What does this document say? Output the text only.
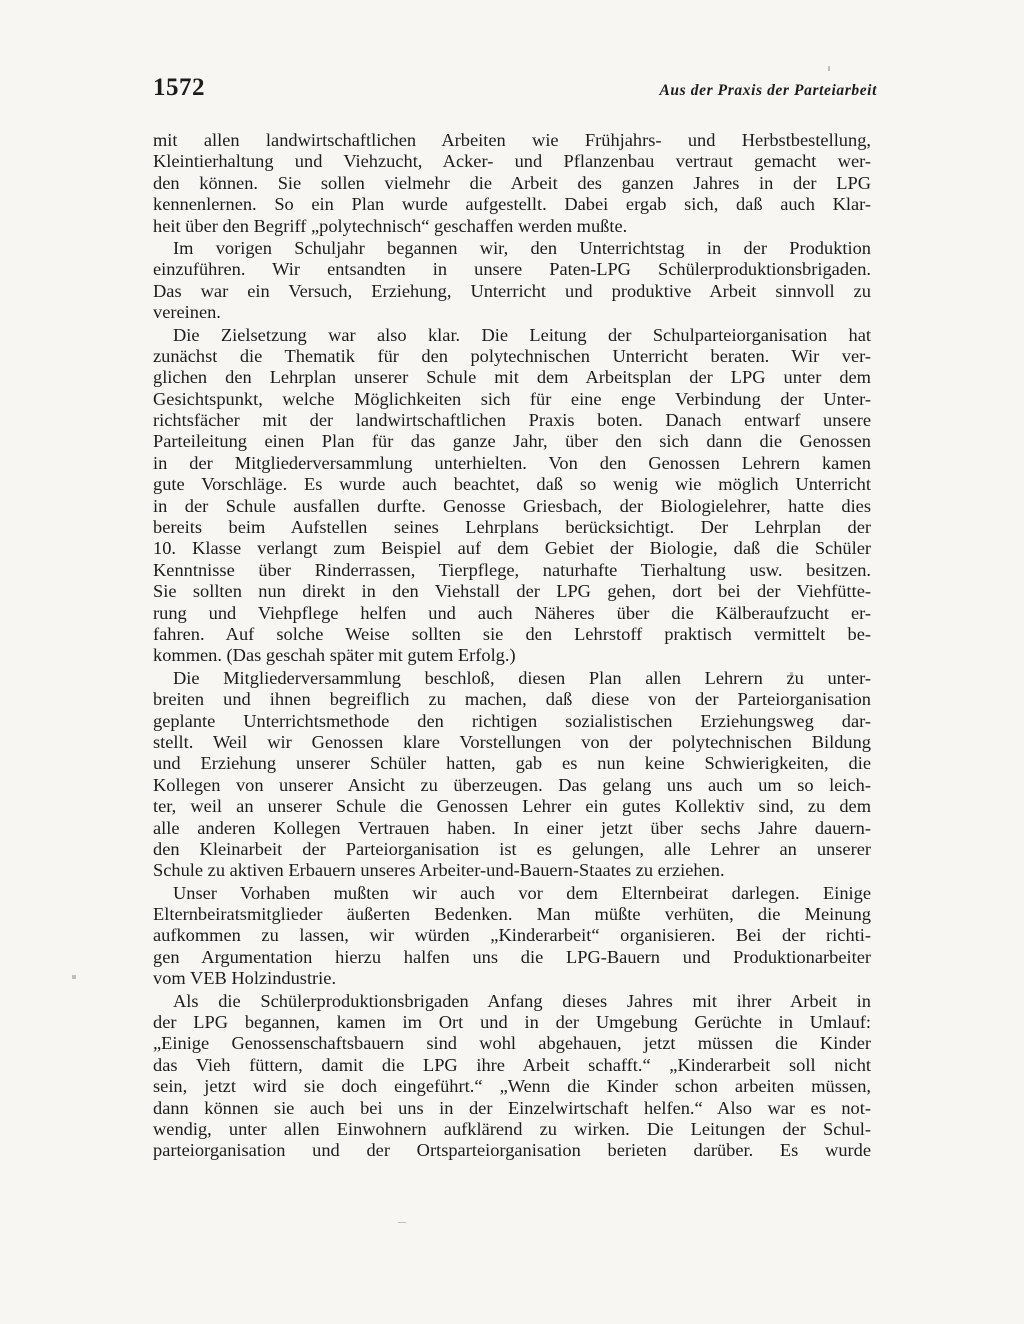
1572	Aus der Praxis der Parteiarbeit
mit allen landwirtschaftlichen Arbeiten wie Frühjahrs- und Herbstbestellung,
Kleintierhaltung und Viehzucht, Acker- und Pflanzenbau vertraut gemacht wer-
den können. Sie sollen vielmehr die Arbeit des ganzen Jahres in der LPG
kennenlernen. So ein Plan wurde aufgestellt. Dabei ergab sich, daß auch Klar-
heit über den Begriff „polytechnisch“ geschaffen werden mußte.
Im vorigen Schuljahr begannen wir, den Unterrichtstag in der Produktion
einzuführen. Wir entsandten in unsere Paten-LPG Schülerproduktionsbrigaden.
Das war ein Versuch, Erziehung, Unterricht und produktive Arbeit sinnvoll zu
vereinen.
Die Zielsetzung war also klar. Die Leitung der Schulparteiorganisation hat
zunächst die Thematik für den polytechnischen Unterricht beraten. Wir ver-
glichen den Lehrplan unserer Schule mit dem Arbeitsplan der LPG unter dem
Gesichtspunkt, welche Möglichkeiten sich für eine enge Verbindung der Unter-
richtsfächer mit der landwirtschaftlichen Praxis boten. Danach entwarf unsere
Parteileitung einen Plan für das ganze Jahr, über den sich dann die Genossen
in der Mitgliederversammlung unterhielten. Von den Genossen Lehrern kamen
gute Vorschläge. Es wurde auch beachtet, daß so wenig wie möglich Unterricht
in der Schule ausfallen durfte. Genosse Griesbach, der Biologielehrer, hatte dies
bereits beim Aufstellen seines Lehrplans berücksichtigt. Der Lehrplan der
10. Klasse verlangt zum Beispiel auf dem Gebiet der Biologie, daß die Schüler
Kenntnisse über Rinderrassen, Tierpflege, naturhafte Tierhaltung usw. besitzen.
Sie sollten nun direkt in den Viehstall der LPG gehen, dort bei der Viehfütte-
rung und Viehpflege helfen und auch Näheres über die Kälberaufzucht er-
fahren. Auf solche Weise sollten sie den Lehrstoff praktisch vermittelt be-
kommen. (Das geschah später mit gutem Erfolg.)
Die Mitgliederversammlung beschloß, diesen Plan allen Lehrern zu unter-
breiten und ihnen begreiflich zu machen, daß diese von der Parteiorganisation
geplante Unterrichtsmethode den richtigen sozialistischen Erziehungsweg dar-
stellt. Weil wir Genossen klare Vorstellungen von der polytechnischen Bildung
und Erziehung unserer Schüler hatten, gab es nun keine Schwierigkeiten, die
Kollegen von unserer Ansicht zu überzeugen. Das gelang uns auch um so leich-
ter, weil an unserer Schule die Genossen Lehrer ein gutes Kollektiv sind, zu dem
alle anderen Kollegen Vertrauen haben. In einer jetzt über sechs Jahre dauern-
den Kleinarbeit der Parteiorganisation ist es gelungen, alle Lehrer an unserer
Schule zu aktiven Erbauern unseres Arbeiter-und-Bauern-Staates zu erziehen.
Unser Vorhaben mußten wir auch vor dem Elternbeirat darlegen. Einige
Elternbeiratsmitglieder äußerten Bedenken. Man müßte verhüten, die Meinung
aufkommen zu lassen, wir würden „Kinderarbeit“ organisieren. Bei der richti-
gen Argumentation hierzu halfen uns die LPG-Bauern und Produktionarbeiter
vom VEB Holzindustrie.
Als die Schülerproduktionsbrigaden Anfang dieses Jahres mit ihrer Arbeit in
der LPG begannen, kamen im Ort und in der Umgebung Gerüchte in Umlauf:
„Einige Genossenschaftsbauern sind wohl abgehauen, jetzt müssen die Kinder
das Vieh füttern, damit die LPG ihre Arbeit schafft.“ „Kinderarbeit soll nicht
sein, jetzt wird sie doch eingeführt.“ „Wenn die Kinder schon arbeiten müssen,
dann können sie auch bei uns in der Einzelwirtschaft helfen.“ Also war es not-
wendig, unter allen Einwohnern aufklärend zu wirken. Die Leitungen der Schul-
parteiorganisation und der Ortsparteiorganisation berieten darüber. Es wurde
